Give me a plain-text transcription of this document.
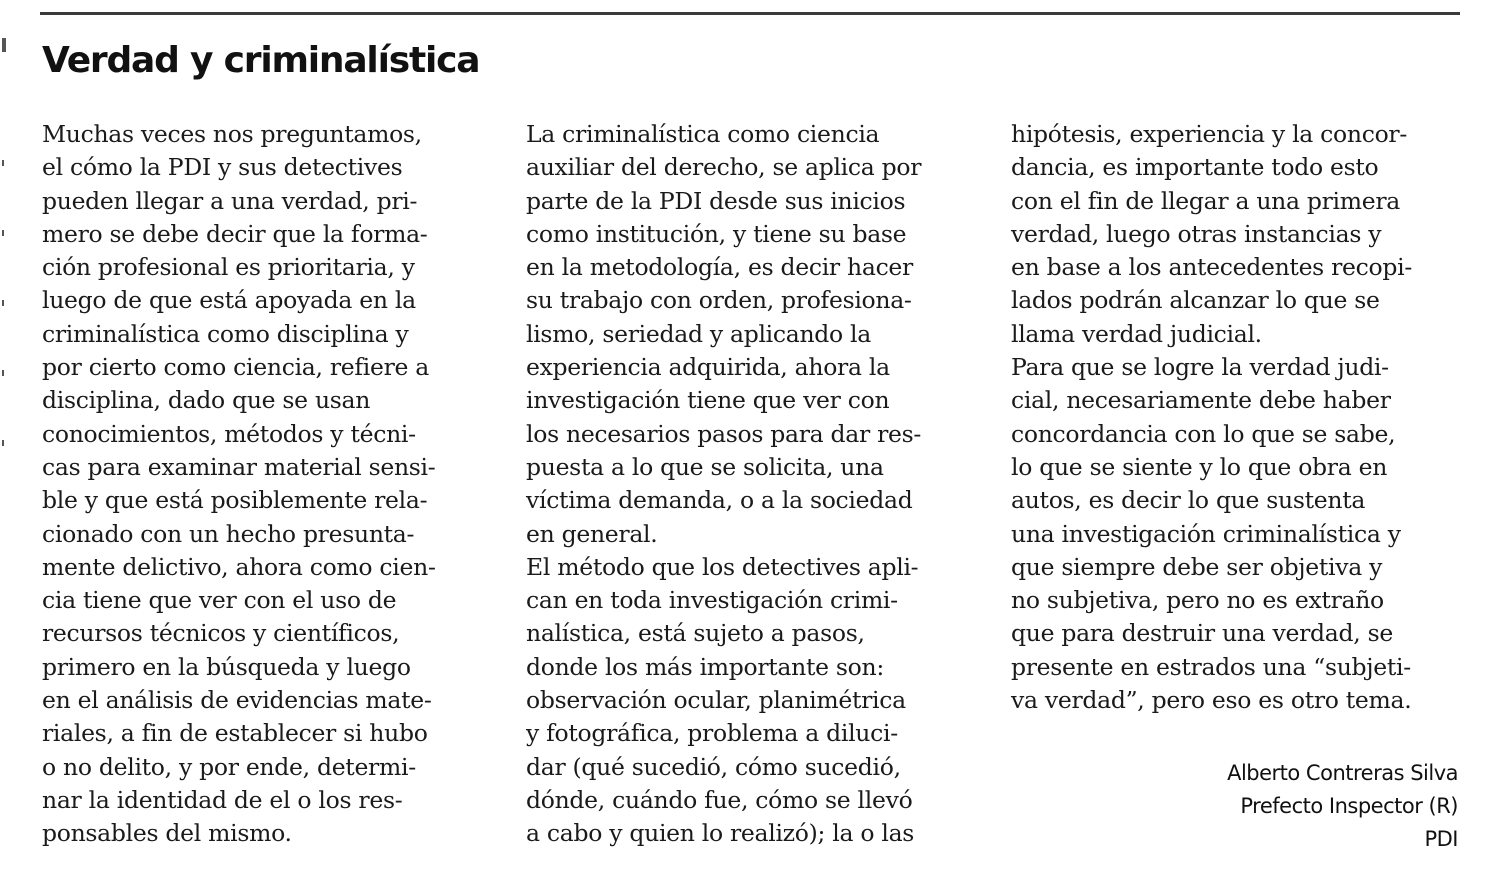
Verdad y criminalística
Muchas veces nos preguntamos,
el cómo la PDI y sus detectives
pueden llegar a una verdad, pri-
mero se debe decir que la forma-
ción profesional es prioritaria, y
luego de que está apoyada en la
criminalística como disciplina y
por cierto como ciencia, refiere a
disciplina, dado que se usan
conocimientos, métodos y técni-
cas para examinar material sensi-
ble y que está posiblemente rela-
cionado con un hecho presunta-
mente delictivo, ahora como cien-
cia tiene que ver con el uso de
recursos técnicos y científicos,
primero en la búsqueda y luego
en el análisis de evidencias mate-
riales, a fin de establecer si hubo
o no delito, y por ende, determi-
nar la identidad de el o los res-
ponsables del mismo.
La criminalística como ciencia
auxiliar del derecho, se aplica por
parte de la PDI desde sus inicios
como institución, y tiene su base
en la metodología, es decir hacer
su trabajo con orden, profesiona-
lismo, seriedad y aplicando la
experiencia adquirida, ahora la
investigación tiene que ver con
los necesarios pasos para dar res-
puesta a lo que se solicita, una
víctima demanda, o a la sociedad
en general.
El método que los detectives apli-
can en toda investigación crimi-
nalística, está sujeto a pasos,
donde los más importante son:
observación ocular, planimétrica
y fotográfica, problema a diluci-
dar (qué sucedió, cómo sucedió,
dónde, cuándo fue, cómo se llevó
a cabo y quien lo realizó); la o las
hipótesis, experiencia y la concor-
dancia, es importante todo esto
con el fin de llegar a una primera
verdad, luego otras instancias y
en base a los antecedentes recopi-
lados podrán alcanzar lo que se
llama verdad judicial.
Para que se logre la verdad judi-
cial, necesariamente debe haber
concordancia con lo que se sabe,
lo que se siente y lo que obra en
autos, es decir lo que sustenta
una investigación criminalística y
que siempre debe ser objetiva y
no subjetiva, pero no es extraño
que para destruir una verdad, se
presente en estrados una “subjeti-
va verdad”, pero eso es otro tema.
Alberto Contreras Silva
Prefecto Inspector (R)
PDI
